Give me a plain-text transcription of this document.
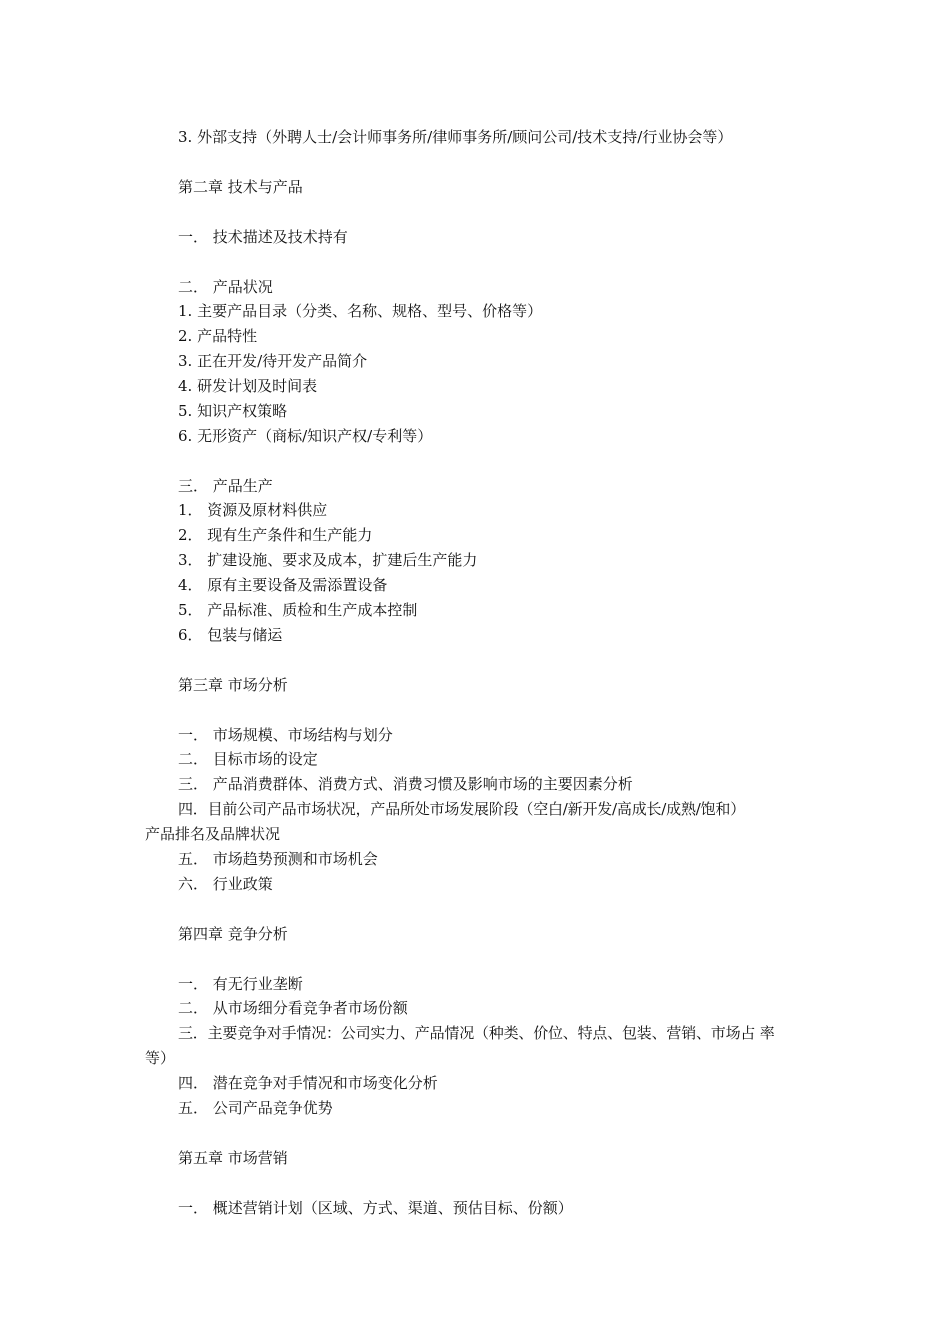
3. 外部支持（外聘人士/会计师事务所/律师事务所/顾问公司/技术支持/行业协会等）
第二章 技术与产品
一． 技术描述及技术持有
二． 产品状况
1. 主要产品目录（分类、名称、规格、型号、价格等）
2. 产品特性
3. 正在开发/待开发产品简介
4. 研发计划及时间表
5. 知识产权策略
6. 无形资产（商标/知识产权/专利等）
三． 产品生产
1． 资源及原材料供应
2． 现有生产条件和生产能力
3． 扩建设施、要求及成本，扩建后生产能力
4． 原有主要设备及需添置设备
5． 产品标准、质检和生产成本控制
6． 包装与储运
第三章 市场分析
一． 市场规模、市场结构与划分
二． 目标市场的设定
三． 产品消费群体、消费方式、消费习惯及影响市场的主要因素分析
四．目前公司产品市场状况，产品所处市场发展阶段（空白/新开发/高成长/成熟/饱和）
产品排名及品牌状况
五． 市场趋势预测和市场机会
六． 行业政策
第四章 竞争分析
一． 有无行业垄断
二． 从市场细分看竞争者市场份额
三．主要竞争对手情况：公司实力、产品情况（种类、价位、特点、包装、营销、市场占 率
等）
四． 潜在竞争对手情况和市场变化分析
五． 公司产品竞争优势
第五章 市场营销
一． 概述营销计划（区域、方式、渠道、预估目标、份额）
